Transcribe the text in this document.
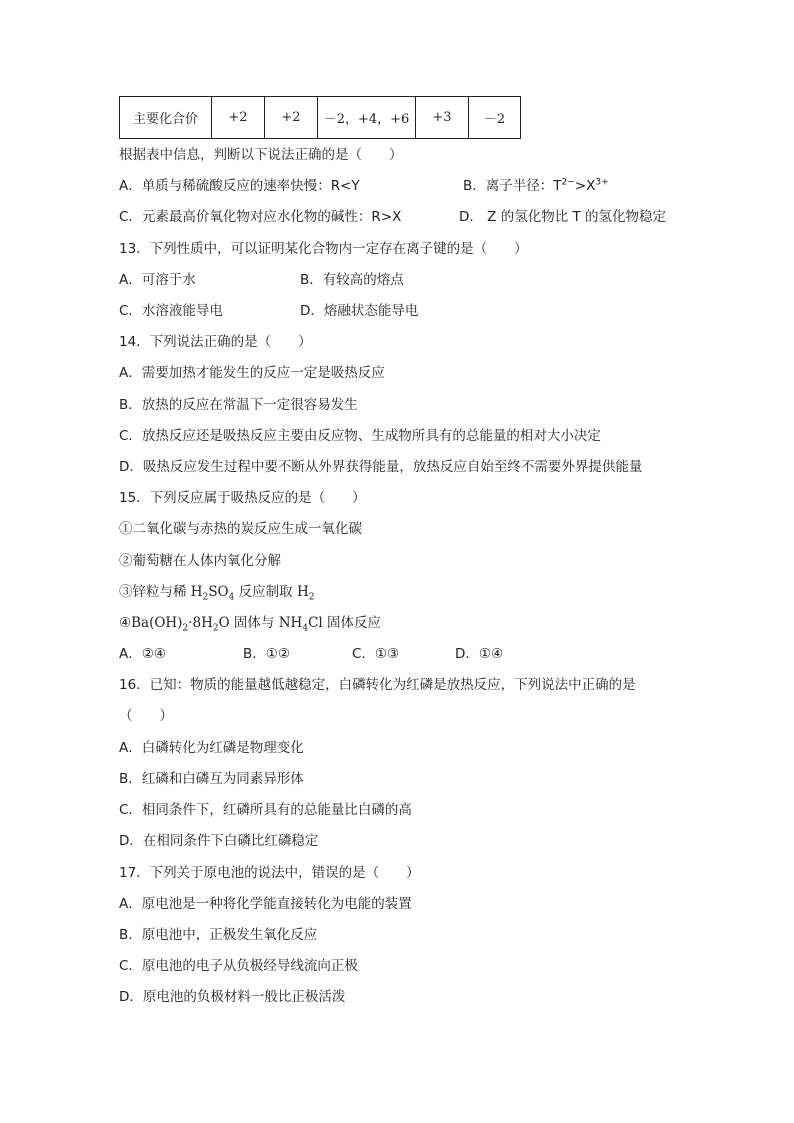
主要化合价	+2	+2	－2，+4，+6	+3	－2
根据表中信息，判断以下说法正确的是（　　）
A．单质与稀硫酸反应的速率快慢：R<Y	B．离子半径：$T^{2-}>X^{3+}$
C．元素最高价氧化物对应水化物的碱性：R>X	D． Z 的氢化物比 T 的氢化物稳定
13．下列性质中，可以证明某化合物内一定存在离子键的是（　　）
A．可溶于水	B．有较高的熔点
C．水溶液能导电	D．熔融状态能导电
14．下列说法正确的是（　　）
A．需要加热才能发生的反应一定是吸热反应
B．放热的反应在常温下一定很容易发生
C．放热反应还是吸热反应主要由反应物、生成物所具有的总能量的相对大小决定
D．吸热反应发生过程中要不断从外界获得能量，放热反应自始至终不需要外界提供能量
15．下列反应属于吸热反应的是（　　）
①二氧化碳与赤热的炭反应生成一氧化碳
②葡萄糖在人体内氧化分解
③锌粒与稀 $H_2SO_4$ 反应制取 $H_2$
$④Ba(OH)_2\cdot 8H_2O$ 固体与 $NH_4Cl$ 固体反应
A．②④	B．①②	C．①③	D．①④
16．已知：物质的能量越低越稳定，白磷转化为红磷是放热反应，下列说法中正确的是
（　　）
A．白磷转化为红磷是物理变化
B．红磷和白磷互为同素异形体
C．相同条件下，红磷所具有的总能量比白磷的高
D．在相同条件下白磷比红磷稳定
17．下列关于原电池的说法中，错误的是（　　）
A．原电池是一种将化学能直接转化为电能的装置
B．原电池中，正极发生氧化反应
C．原电池的电子从负极经导线流向正极
D．原电池的负极材料一般比正极活泼
